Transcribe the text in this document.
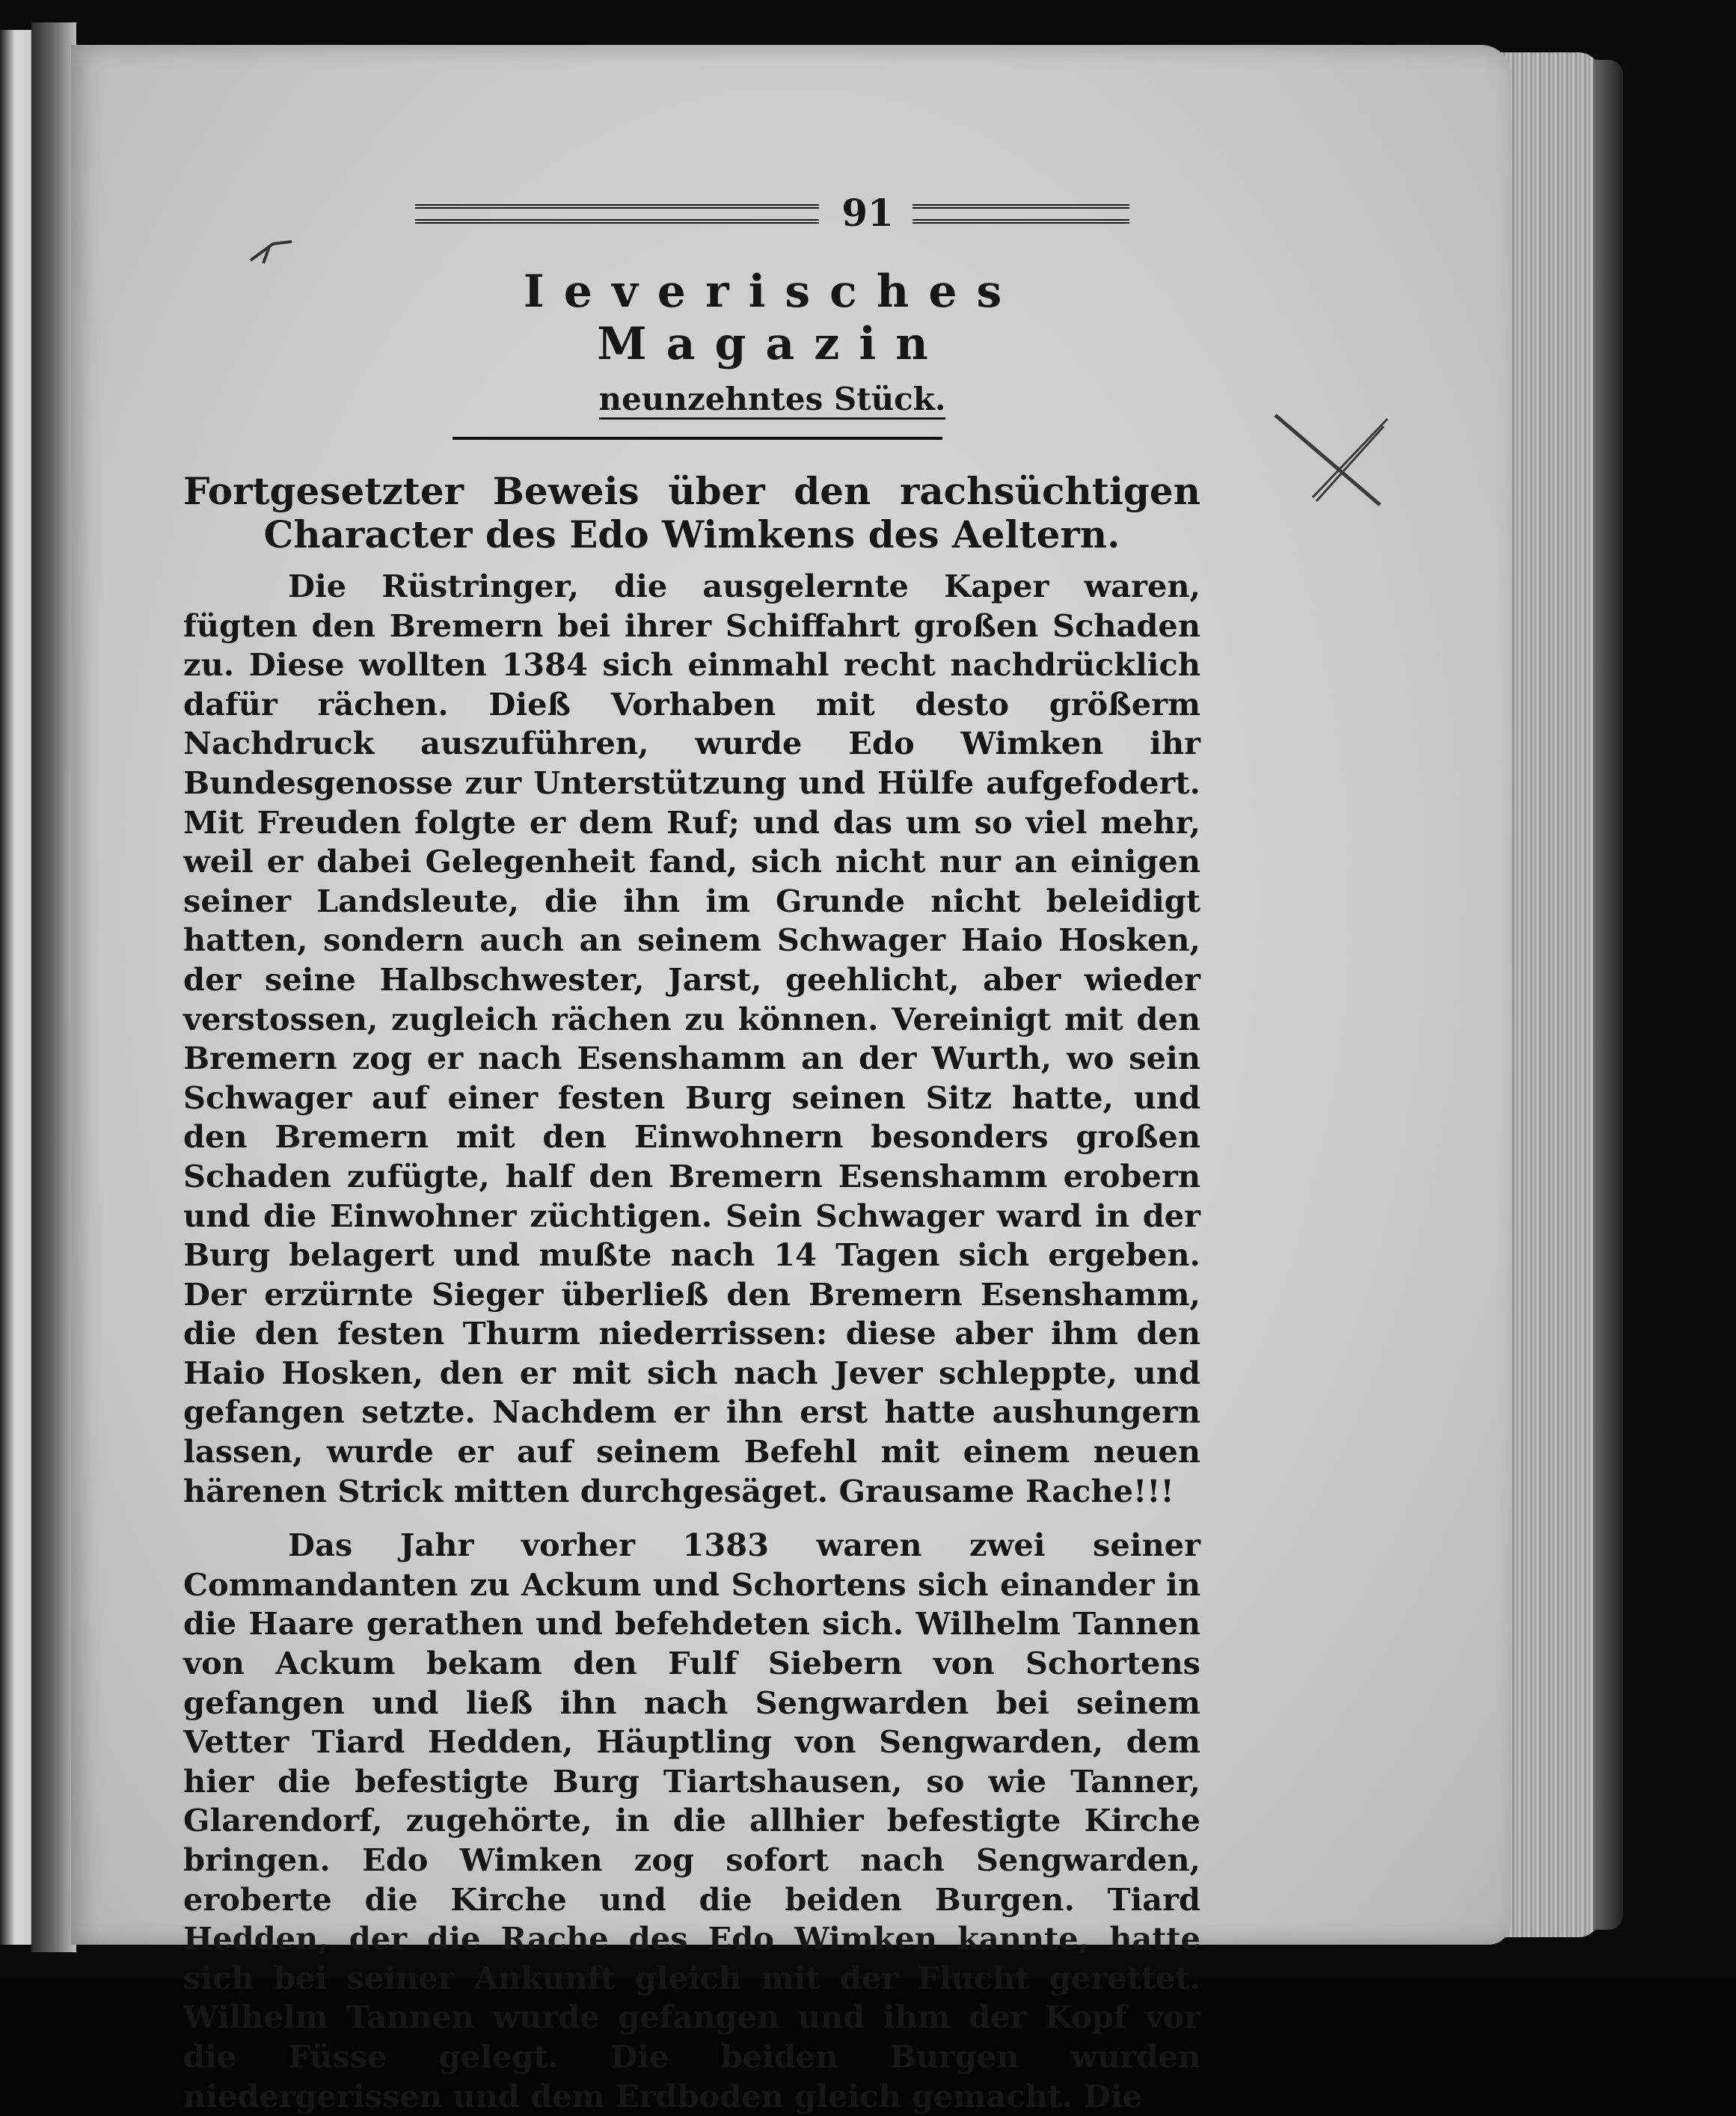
91
Ieverisches Magazin
neunzehntes Stück.
Fortgesetzter Beweis über den rachsüchtigen Character des Edo Wimkens des Aeltern.

Die Rüstringer, die ausgelernte Kaper waren, fügten den Bremern bei ihrer Schiffahrt großen Schaden zu. Diese wollten 1384 sich einmahl recht nachdrücklich dafür rächen. Dieß Vorhaben mit desto größerm Nachdruck auszuführen, wurde Edo Wimken ihr Bundesgenosse zur Unterstützung und Hülfe aufgefodert. Mit Freuden folgte er dem Ruf; und das um so viel mehr, weil er dabei Gelegenheit fand, sich nicht nur an einigen seiner Landsleute, die ihn im Grunde nicht beleidigt hatten, sondern auch an seinem Schwager Haio Hosken, der seine Halbschwester, Jarst, geehlicht, aber wieder verstossen, zugleich rächen zu können. Vereinigt mit den Bremern zog er nach Esenshamm an der Wurth, wo sein Schwager auf einer festen Burg seinen Sitz hatte, und den Bremern mit den Einwohnern besonders großen Schaden zufügte, half den Bremern Esenshamm erobern und die Einwohner züchtigen. Sein Schwager ward in der Burg belagert und mußte nach 14 Tagen sich ergeben. Der erzürnte Sieger überließ den Bremern Esenshamm, die den festen Thurm niederrissen: diese aber ihm den Haio Hosken, den er mit sich nach Jever schleppte, und gefangen setzte. Nachdem er ihn erst hatte aushungern lassen, wurde er auf seinem Befehl mit einem neuen härenen Strick mitten durchgesäget. Grausame Rache!!!

Das Jahr vorher 1383 waren zwei seiner Commandanten zu Ackum und Schortens sich einander in die Haare gerathen und befehdeten sich. Wilhelm Tannen von Ackum bekam den Fulf Siebern von Schortens gefangen und ließ ihn nach Sengwarden bei seinem Vetter Tiard Hedden, Häuptling von Sengwarden, dem hier die befestigte Burg Tiartshausen, so wie Tanner, Glarendorf, zugehörte, in die allhier befestigte Kirche bringen. Edo Wimken zog sofort nach Sengwarden, eroberte die Kirche und die beiden Burgen. Tiard Hedden, der die Rache des Edo Wimken kannte, hatte sich bei seiner Ankunft gleich mit der Flucht gerettet. Wilhelm Tannen wurde gefangen und ihm der Kopf vor die Füsse gelegt. Die beiden Burgen wurden niedergerissen und dem Erdboden gleich gemacht. Die
